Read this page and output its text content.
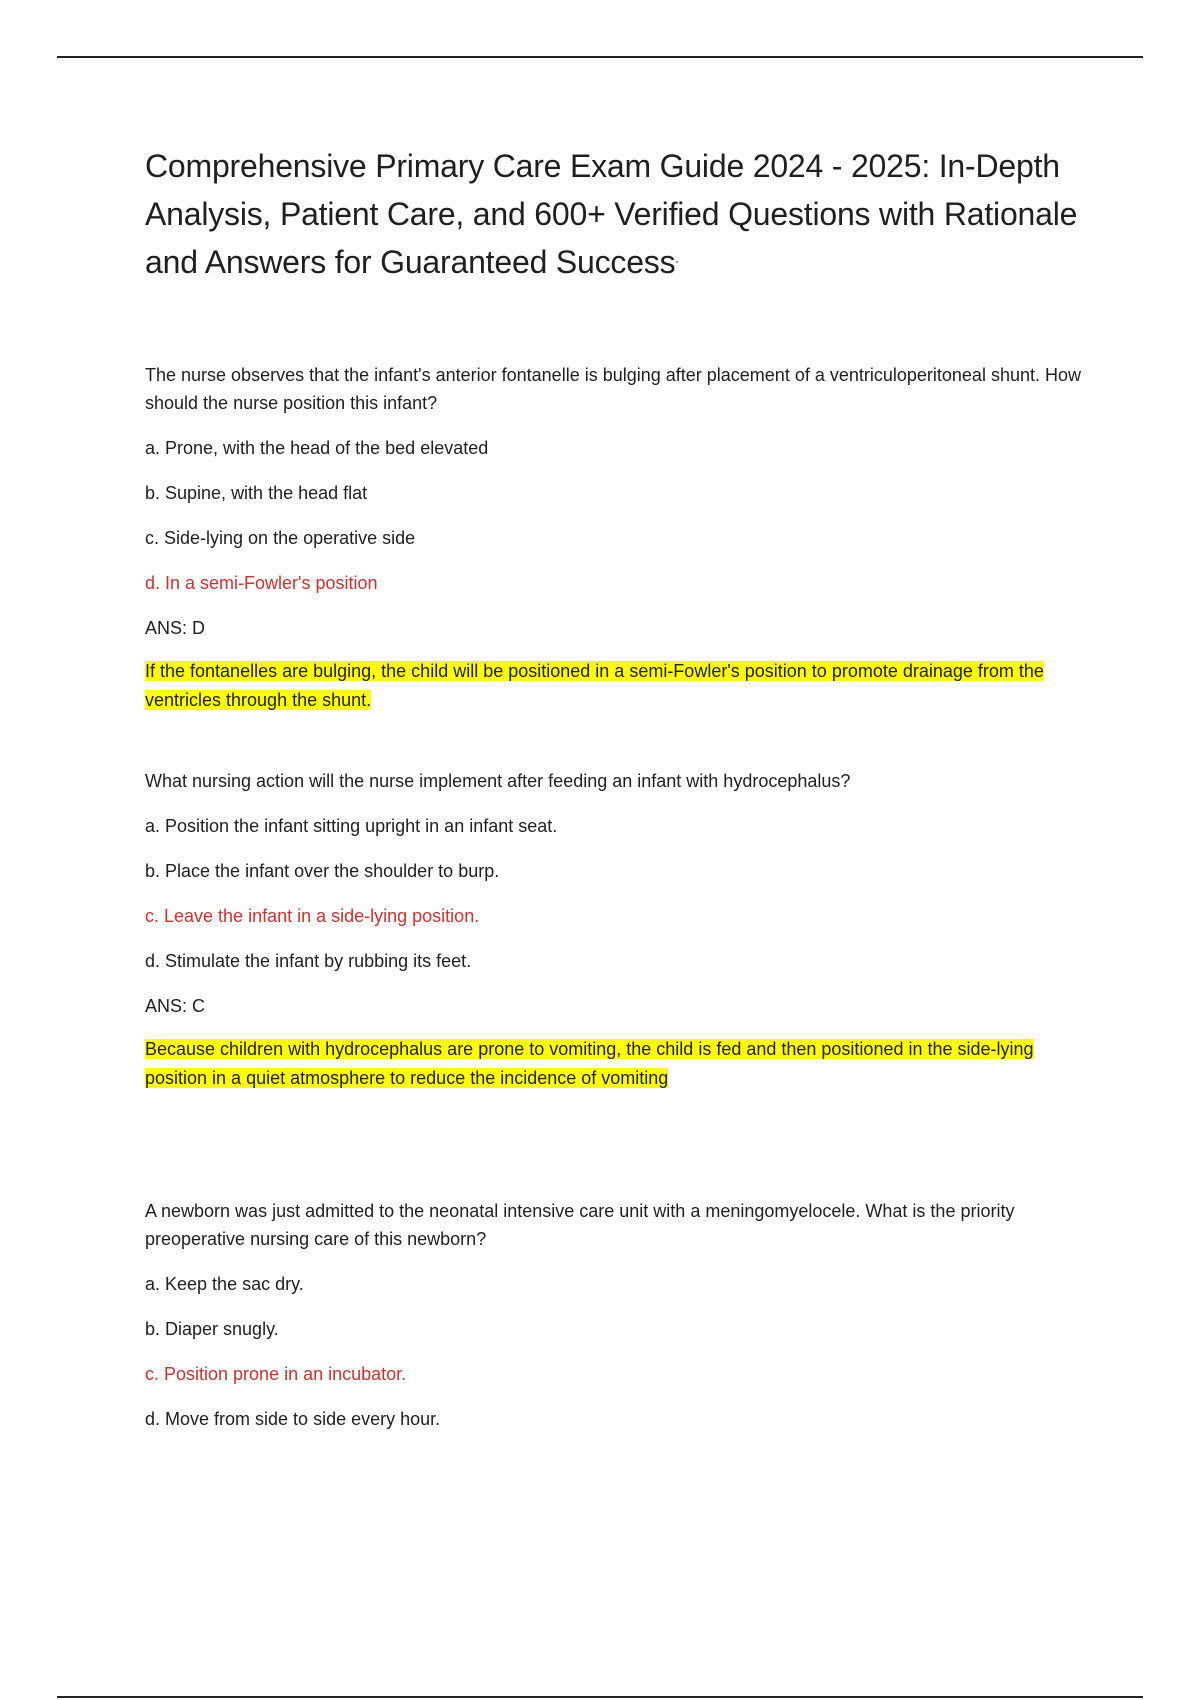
Comprehensive Primary Care Exam Guide 2024 - 2025: In-Depth Analysis, Patient Care, and 600+ Verified Questions with Rationale and Answers for Guaranteed Success”

The nurse observes that the infant's anterior fontanelle is bulging after placement of a ventriculoperitoneal shunt. How should the nurse position this infant?

a. Prone, with the head of the bed elevated

b. Supine, with the head flat

c. Side-lying on the operative side

d. In a semi-Fowler's position

ANS: D

If the fontanelles are bulging, the child will be positioned in a semi-Fowler's position to promote drainage from the ventricles through the shunt.

What nursing action will the nurse implement after feeding an infant with hydrocephalus?

a. Position the infant sitting upright in an infant seat.

b. Place the infant over the shoulder to burp.

c. Leave the infant in a side-lying position.

d. Stimulate the infant by rubbing its feet.

ANS: C

Because children with hydrocephalus are prone to vomiting, the child is fed and then positioned in the side-lying position in a quiet atmosphere to reduce the incidence of vomiting

A newborn was just admitted to the neonatal intensive care unit with a meningomyelocele. What is the priority preoperative nursing care of this newborn?

a. Keep the sac dry.

b. Diaper snugly.

c. Position prone in an incubator.

d. Move from side to side every hour.
